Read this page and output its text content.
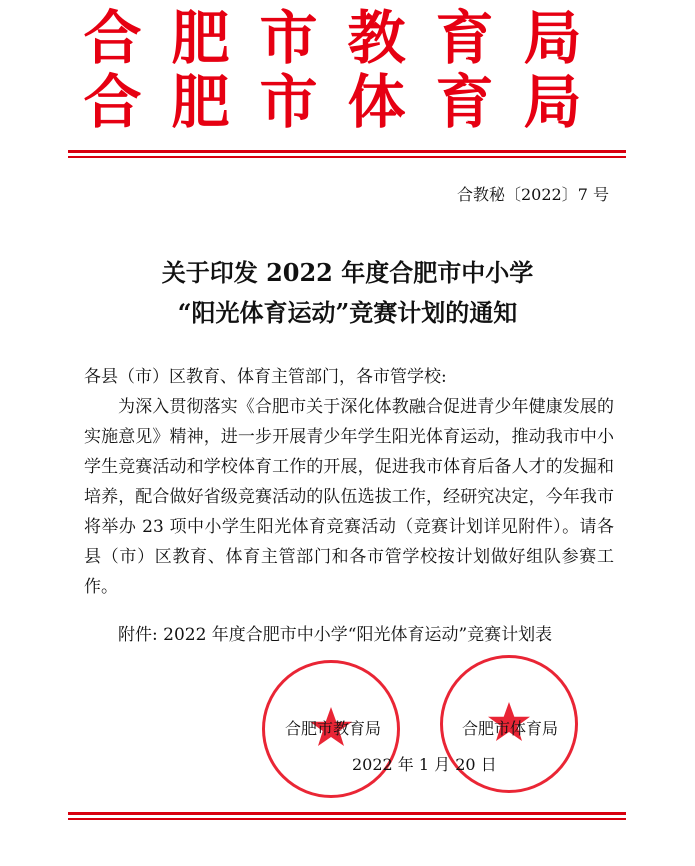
合肥市教育局
合肥市体育局
合教秘〔2022〕7 号
关于印发 2022 年度合肥市中小学
“阳光体育运动”竞赛计划的通知
各县（市）区教育、体育主管部门，各市管学校:
为深入贯彻落实《合肥市关于深化体教融合促进青少年健康发展的实施意见》精神，进一步开展青少年学生阳光体育运动，推动我市中小学生竞赛活动和学校体育工作的开展，促进我市体育后备人才的发掘和培养，配合做好省级竞赛活动的队伍选拔工作，经研究决定，今年我市将举办 23 项中小学生阳光体育竞赛活动（竞赛计划详见附件）。请各县（市）区教育、体育主管部门和各市管学校按计划做好组队参赛工作。
附件: 2022 年度合肥市中小学“阳光体育运动”竞赛计划表
合肥市教育局	合肥市体育局
2022 年 1 月 20 日
